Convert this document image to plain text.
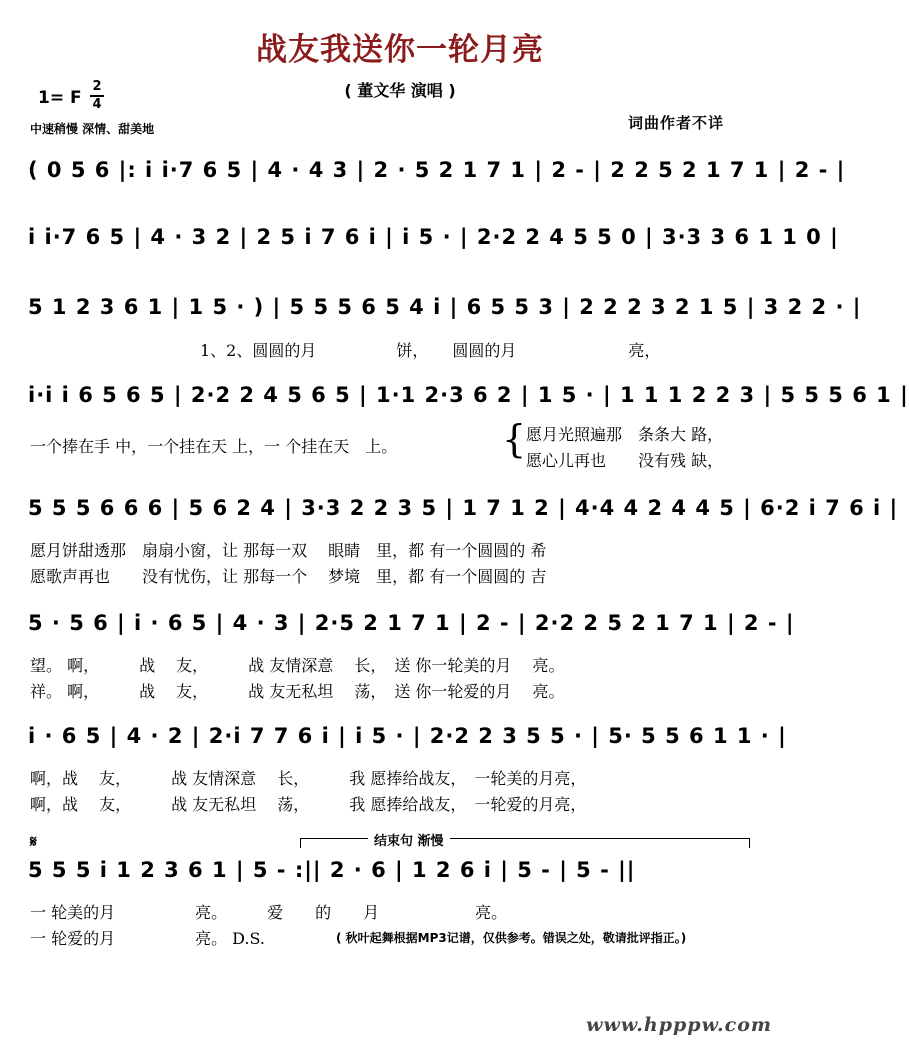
战友我送你一轮月亮
( 董文华 演唱 )
1= F
2
4
中速稍慢 深情、甜美地	词曲作者不详
( 0 5 6 |: i i·7 6 5 | 4 · 4 3 | 2 · 5 2 1 7 1 | 2 - | 2 2 5 2 1 7 1 | 2 - |
i i·7 6 5 | 4 · 3 2 | 2 5 i 7 6 i | i 5 · | 2·2 2 4 5 5 0 | 3·3 3 6 1 1 0 |
5 1 2 3 6 1 | 1 5 · ) | 5 5 5 6 5 4 i | 6 5 5 3 | 2 2 2 3 2 1 5 | 3 2 2 · |
1、2、圆圆的月　　　　　饼，　　圆圆的月　　　　　　　亮，
i·i i 6 5 6 5 | 2·2 2 4 5 6 5 | 1·1 2·3 6 2 | 1 5 · | 1 1 1 2 2 3 | 5 5 5 6 1 |
一个捧在手 中，一个挂在天 上，一 个挂在天　上。	{ 愿月光照遍那　条条大 路，
愿心儿再也　　没有残 缺，
5 5 5 6 6 6 | 5 6 2 4 | 3·3 2 2 3 5 | 1 7 1 2 | 4·4 4 2 4 4 5 | 6·2 i 7 6 i |
愿月饼甜透那　扇扇小窗，让 那每一双　 眼睛　里，都 有一个圆圆的 希
愿歌声再也　　没有忧伤，让 那每一个　 梦境　里，都 有一个圆圆的 吉
5 · 5 6 | i · 6 5 | 4 · 3 | 2·5 2 1 7 1 | 2 - | 2·2 2 5 2 1 7 1 | 2 - |
望。 啊，　　　战　 友，　　　战 友情深意　 长，　送 你一轮美的月　 亮。
祥。 啊，　　　战　 友，　　　战 友无私坦　 荡，　送 你一轮爱的月　 亮。
i · 6 5 | 4 · 2 | 2·i 7 7 6 i | i 5 · | 2·2 2 3 5 5 · | 5· 5 5 6 1 1 · |
啊，战　 友，　　　战 友情深意　 长，　　　我 愿捧给战友，　一轮美的月亮，
啊，战　 友，　　　战 友无私坦　 荡，　　　我 愿捧给战友，　一轮爱的月亮，
结束句 渐慢
𝄋
5 5 5 i 1 2 3 6 1 | 5 - :|| 2 · 6 | 1 2 6 i | 5 - | 5 - ||
一 轮美的月　　　　　亮。　　　爱　　的　　月　　　　　　亮。
一 轮爱的月　　　　　亮。 D.S.	( 秋叶起舞根据MP3记谱，仅供参考。错误之处，敬请批评指正。)
www.hpppw.com
